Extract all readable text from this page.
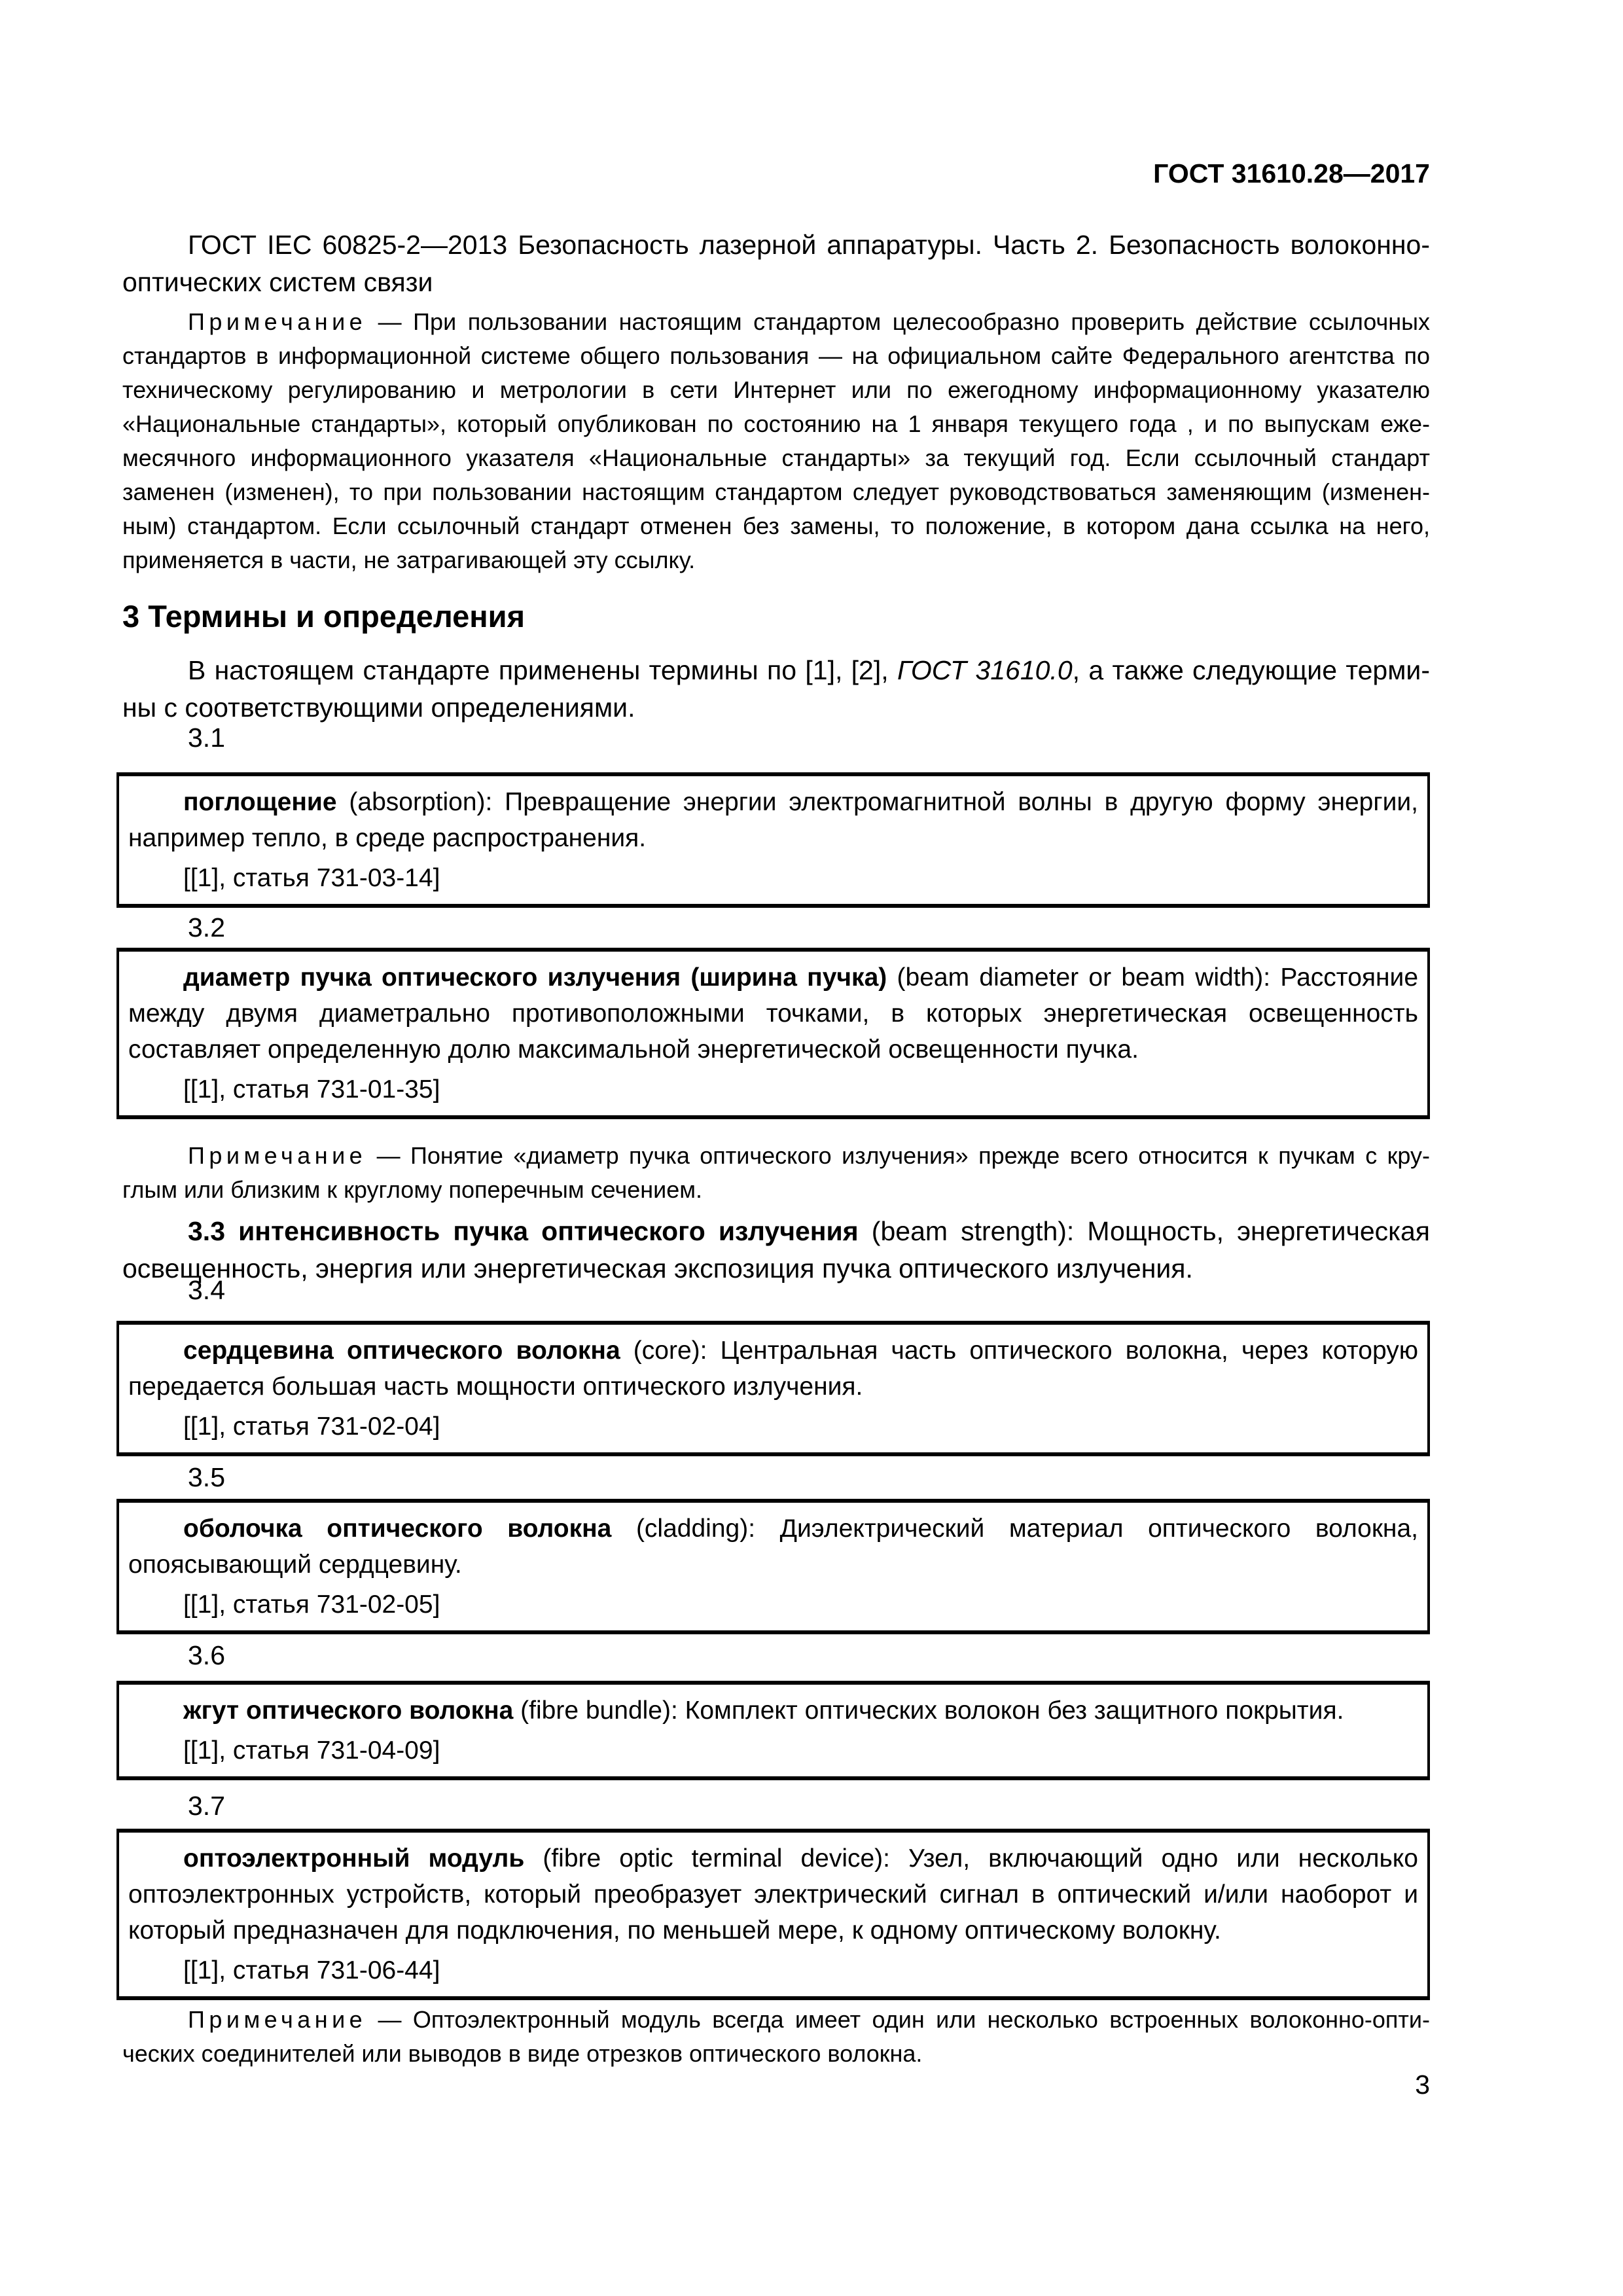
ГОСТ 31610.28—2017
ГОСТ IEC 60825-2—2013 Безопасность лазерной аппаратуры. Часть 2. Безопасность волоконно-оптических систем связи
Примечание — При пользовании настоящим стандартом целесообразно проверить действие ссылочных стандартов в информационной системе общего пользования — на официальном сайте Федерального агентства по техническому регулированию и метрологии в сети Интернет или по ежегодному информационному указателю «Национальные стандарты», который опубликован по состоянию на 1 января текущего года , и по выпускам ежемесячного информационного указателя «Национальные стандарты» за текущий год. Если ссылочный стандарт заменен (изменен), то при пользовании настоящим стандартом следует руководствоваться заменяющим (измененным) стандартом. Если ссылочный стандарт отменен без замены, то положение, в котором дана ссылка на него, применяется в части, не затрагивающей эту ссылку.
3 Термины и определения
В настоящем стандарте применены термины по [1], [2], ГОСТ 31610.0, а также следующие термины с соответствующими определениями.
3.1
поглощение (absorption): Превращение энергии электромагнитной волны в другую форму энергии, например тепло, в среде распространения.
[[1], статья 731-03-14]
3.2
диаметр пучка оптического излучения (ширина пучка) (beam diameter or beam width): Расстояние между двумя диаметрально противоположными точками, в которых энергетическая освещенность составляет определенную долю максимальной энергетической освещенности пучка.
[[1], статья 731-01-35]
Примечание — Понятие «диаметр пучка оптического излучения» прежде всего относится к пучкам с круглым или близким к круглому поперечным сечением.
3.3 интенсивность пучка оптического излучения (beam strength): Мощность, энергетическая освещенность, энергия или энергетическая экспозиция пучка оптического излучения.
3.4
сердцевина оптического волокна (core): Центральная часть оптического волокна, через которую передается большая часть мощности оптического излучения.
[[1], статья 731-02-04]
3.5
оболочка оптического волокна (cladding): Диэлектрический материал оптического волокна, опоясывающий сердцевину.
[[1], статья 731-02-05]
3.6
жгут оптического волокна (fibre bundle): Комплект оптических волокон без защитного покрытия.
[[1], статья 731-04-09]
3.7
оптоэлектронный модуль (fibre optic terminal device): Узел, включающий одно или несколько оптоэлектронных устройств, который преобразует электрический сигнал в оптический и/или наоборот и который предназначен для подключения, по меньшей мере, к одному оптическому волокну.
[[1], статья 731-06-44]
Примечание — Оптоэлектронный модуль всегда имеет один или несколько встроенных волоконно-оптических соединителей или выводов в виде отрезков оптического волокна.
3
